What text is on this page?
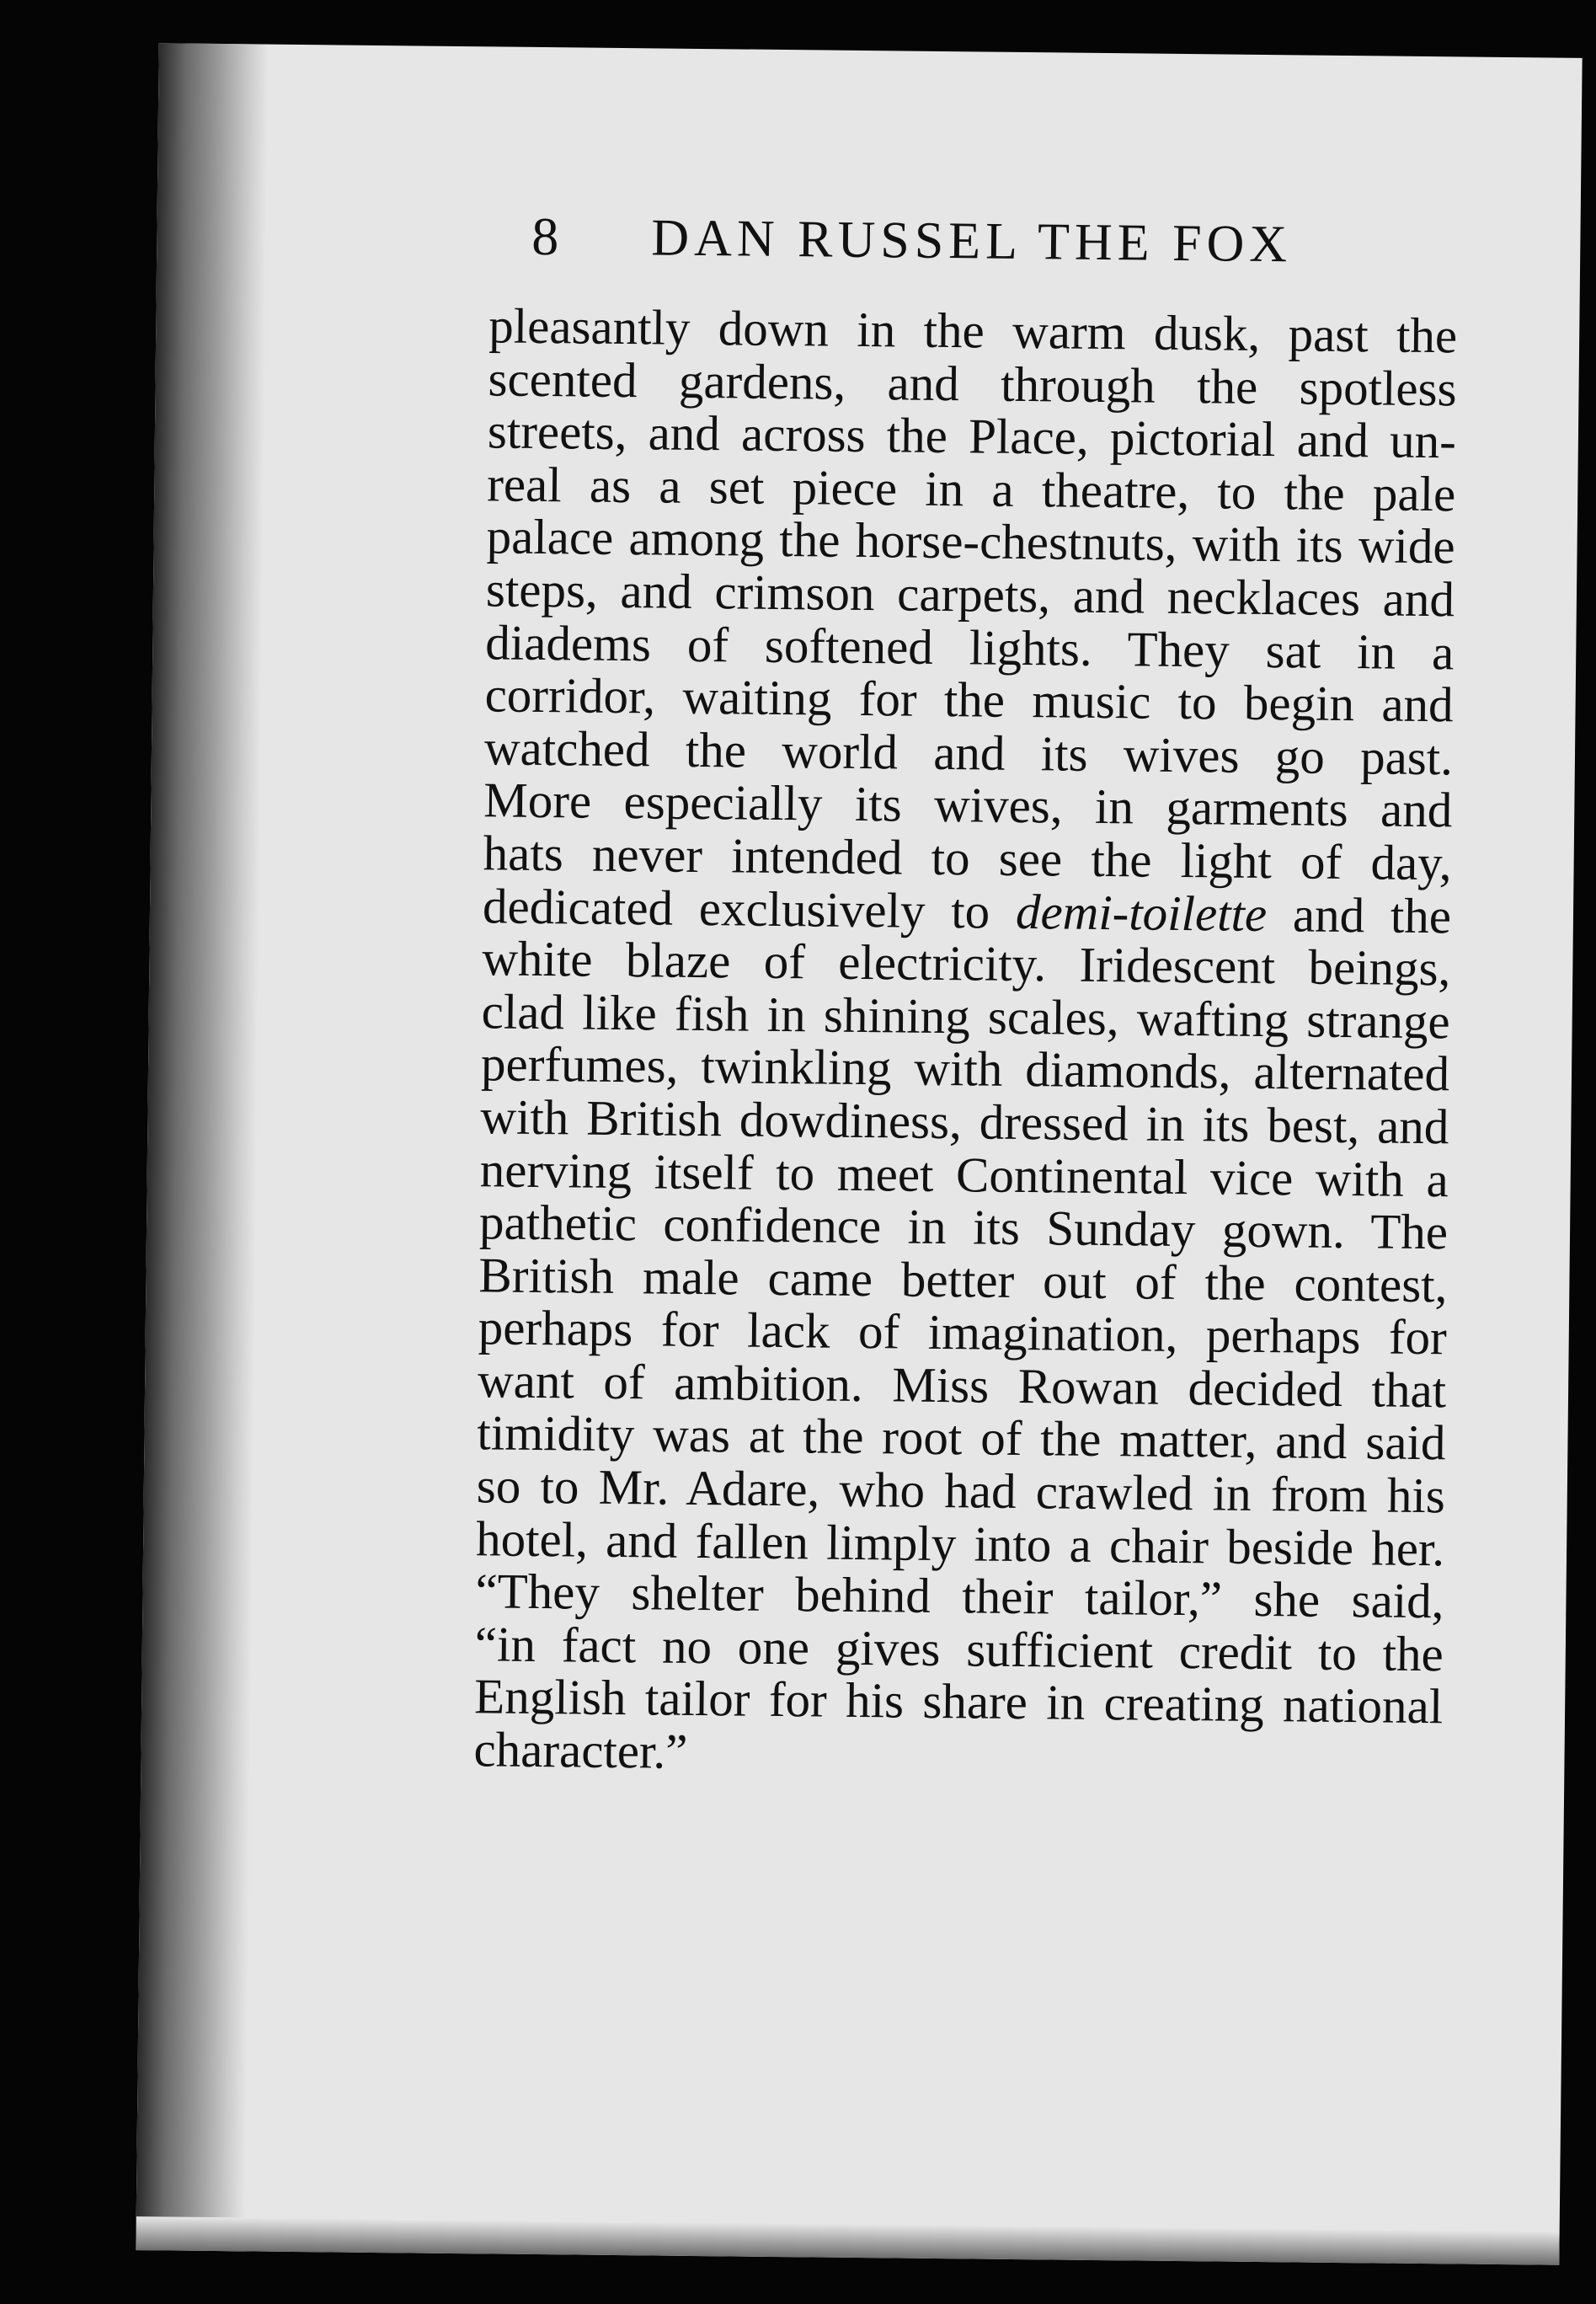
8 DAN RUSSEL THE FOX
pleasantly down in the warm dusk, past the
scented gardens, and through the spotless
streets, and across the Place, pictorial and un-
real as a set piece in a theatre, to the pale
palace among the horse-chestnuts, with its wide
steps, and crimson carpets, and necklaces and
diadems of softened lights. They sat in a
corridor, waiting for the music to begin and
watched the world and its wives go past.
More especially its wives, in garments and
hats never intended to see the light of day,
dedicated exclusively to demi-toilette and the
white blaze of electricity. Iridescent beings,
clad like fish in shining scales, wafting strange
perfumes, twinkling with diamonds, alternated
with British dowdiness, dressed in its best, and
nerving itself to meet Continental vice with a
pathetic confidence in its Sunday gown. The
British male came better out of the contest,
perhaps for lack of imagination, perhaps for
want of ambition. Miss Rowan decided that
timidity was at the root of the matter, and said
so to Mr. Adare, who had crawled in from his
hotel, and fallen limply into a chair beside her.
“They shelter behind their tailor,” she said,
“in fact no one gives sufficient credit to the
English tailor for his share in creating national
character.”
